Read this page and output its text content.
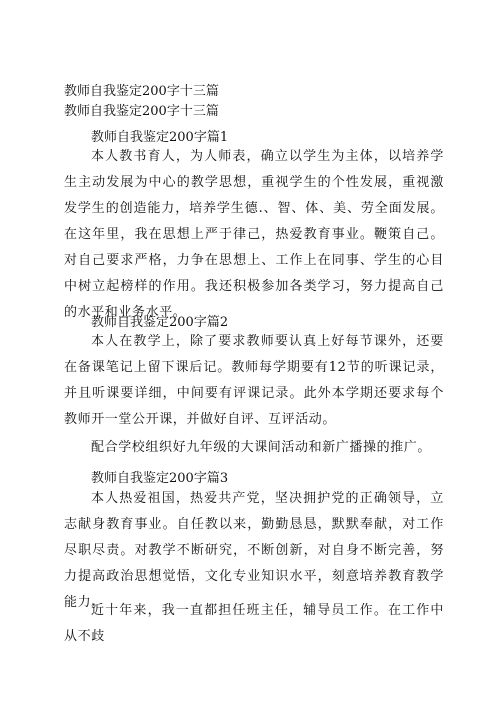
教师自我鉴定200字十三篇
教师自我鉴定200字十三篇
教师自我鉴定200字篇1

本人教书育人，为人师表，确立以学生为主体，以培养学生主动发展为中心的教学思想，重视学生的个性发展，重视激发学生的创造能力，培养学生德.、智、体、美、劳全面发展。在这年里，我在思想上严于律己，热爱教育事业。鞭策自己。对自己要求严格，力争在思想上、工作上在同事、学生的心目中树立起榜样的作用。我还积极参加各类学习，努力提高自己的水平和业务水平。

教师自我鉴定200字篇2

本人在教学上，除了要求教师要认真上好每节课外，还要在备课笔记上留下课后记。教师每学期要有12节的听课记录，并且听课要详细，中间要有评课记录。此外本学期还要求每个教师开一堂公开课，并做好自评、互评活动。

配合学校组织好九年级的大课间活动和新广播操的推广。

教师自我鉴定200字篇3

本人热爱祖国，热爱共产党，坚决拥护党的正确领导，立志献身教育事业。自任教以来，勤勤恳恳，默默奉献，对工作尽职尽责。对教学不断研究，不断创新，对自身不断完善，努力提高政治思想觉悟，文化专业知识水平，刻意培养教育教学能力。

近十年来，我一直都担任班主任，辅导员工作。在工作中从不歧
